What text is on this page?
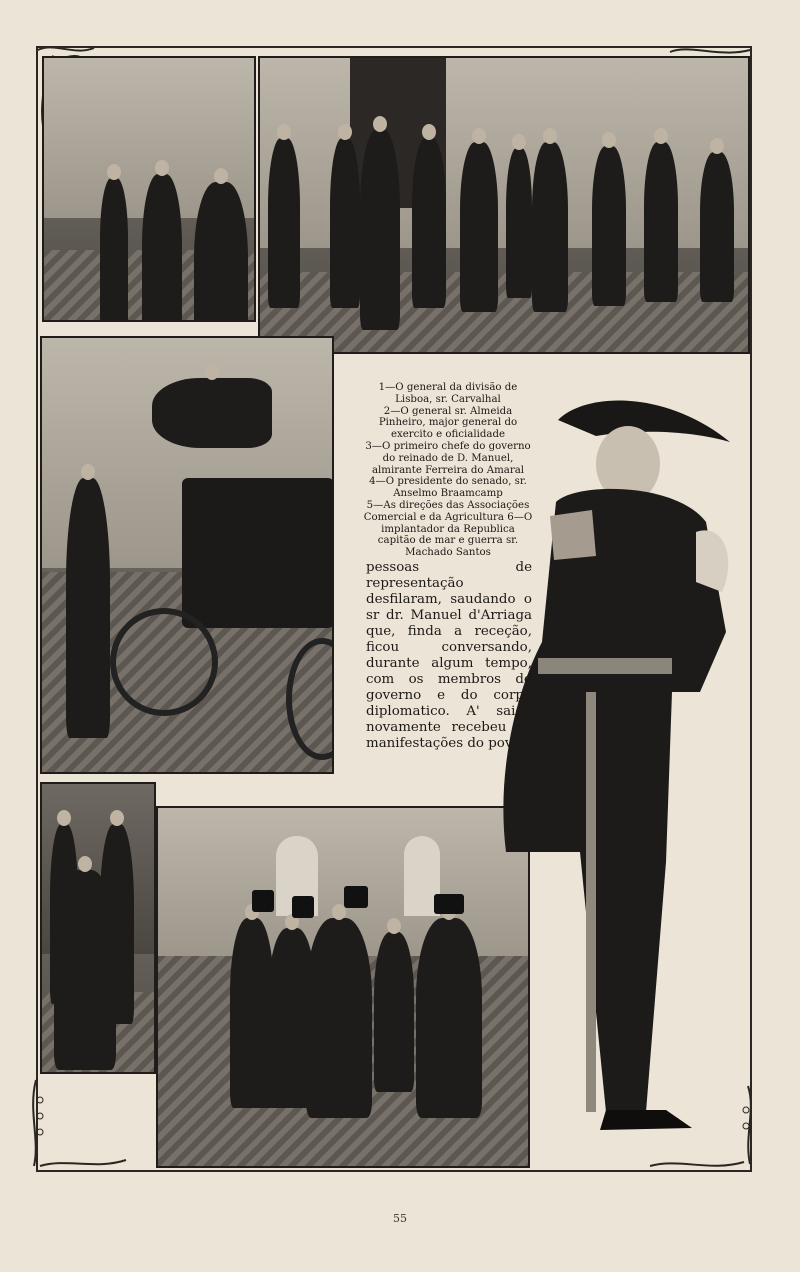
1—O general da divisão de Lisboa, sr. Carvalhal

2—O general sr. Almeida Pinheiro, major general do exercito e oficialidade

3—O primeiro chefe do governo do reinado de D. Manuel, almirante Ferreira do Amaral

4—O presidente do senado, sr. Anselmo Braamcamp

5—As direções das Associações Comercial e da Agricultura 6—O implantador da Republica capitão de mar e guerra sr. Machado Santos

pessoas de representação desfilaram, saudando o sr dr. Manuel d'Arriaga que, finda a receção, ficou conversando, durante algum tempo, com os membros do governo e do corpo diplomatico. A' saida novamente recebeu as manifestações do povo.
55
